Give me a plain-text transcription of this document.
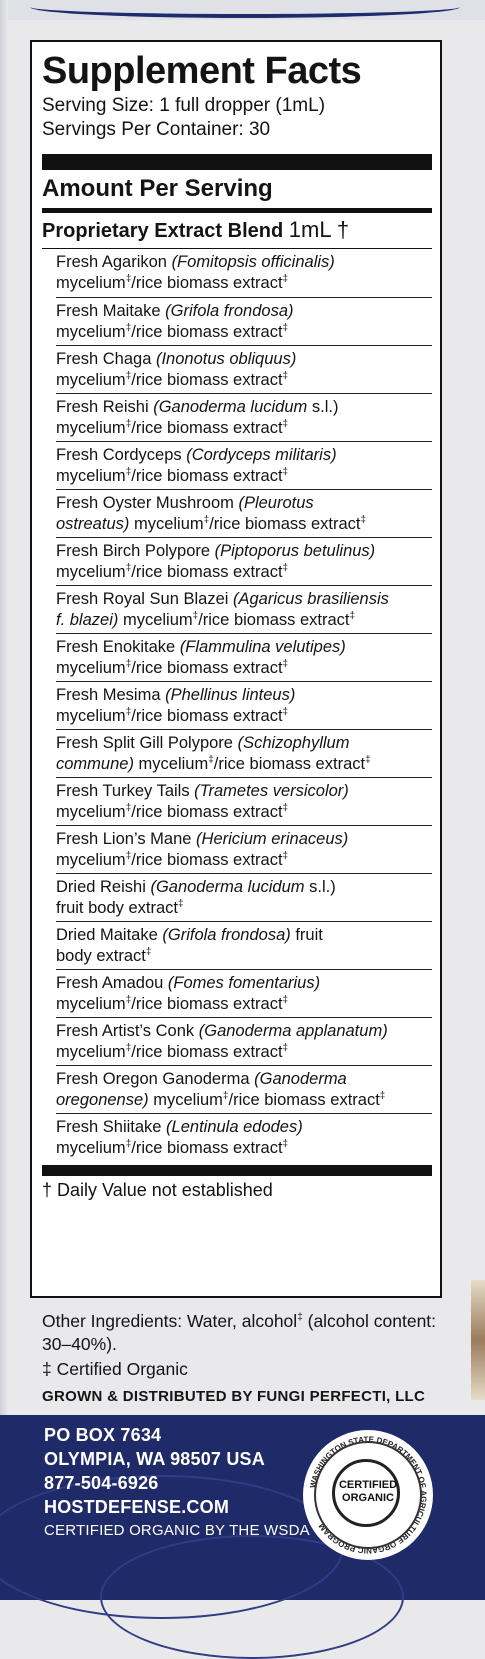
Supplement Facts
Serving Size: 1 full dropper (1mL)
Servings Per Container: 30
Amount Per Serving
Proprietary Extract Blend 1mL †
Fresh Agarikon (Fomitopsis officinalis)
mycelium‡/rice biomass extract‡
Fresh Maitake (Grifola frondosa)
mycelium‡/rice biomass extract‡
Fresh Chaga (Inonotus obliquus)
mycelium‡/rice biomass extract‡
Fresh Reishi (Ganoderma lucidum s.l.)
mycelium‡/rice biomass extract‡
Fresh Cordyceps (Cordyceps militaris)
mycelium‡/rice biomass extract‡
Fresh Oyster Mushroom (Pleurotus
ostreatus) mycelium‡/rice biomass extract‡
Fresh Birch Polypore (Piptoporus betulinus)
mycelium‡/rice biomass extract‡
Fresh Royal Sun Blazei (Agaricus brasiliensis
f. blazei) mycelium‡/rice biomass extract‡
Fresh Enokitake (Flammulina velutipes)
mycelium‡/rice biomass extract‡
Fresh Mesima (Phellinus linteus)
mycelium‡/rice biomass extract‡
Fresh Split Gill Polypore (Schizophyllum
commune) mycelium‡/rice biomass extract‡
Fresh Turkey Tails (Trametes versicolor)
mycelium‡/rice biomass extract‡
Fresh Lion’s Mane (Hericium erinaceus)
mycelium‡/rice biomass extract‡
Dried Reishi (Ganoderma lucidum s.l.)
fruit body extract‡
Dried Maitake (Grifola frondosa) fruit
body extract‡
Fresh Amadou (Fomes fomentarius)
mycelium‡/rice biomass extract‡
Fresh Artist’s Conk (Ganoderma applanatum)
mycelium‡/rice biomass extract‡
Fresh Oregon Ganoderma (Ganoderma
oregonense) mycelium‡/rice biomass extract‡
Fresh Shiitake (Lentinula edodes)
mycelium‡/rice biomass extract‡
† Daily Value not established
Other Ingredients: Water, alcohol‡ (alcohol content: 30–40%).
‡ Certified Organic
GROWN & DISTRIBUTED BY FUNGI PERFECTI, LLC
PO BOX 7634
OLYMPIA, WA 98507 USA
877-504-6926
HOSTDEFENSE.COM
CERTIFIED ORGANIC BY THE WSDA
WASHINGTON STATE DEPARTMENT OF AGRICULTURE ORGANIC PROGRAM
CERTIFIED
ORGANIC
